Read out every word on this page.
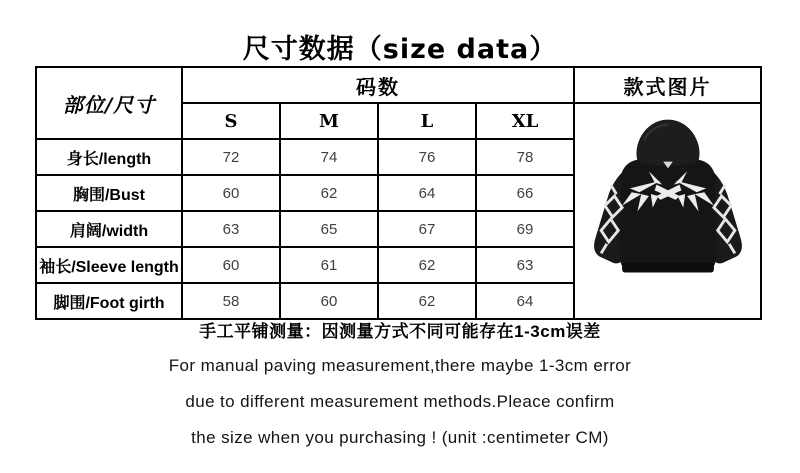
尺寸数据（size data）
部位/尺寸	码数				款式图片
	S	M	L	XL	

身长/length	72	74	76	78	
胸围/Bust	60	62	64	66	
肩阔/width	63	65	67	69	
袖长/Sleeve length	60	61	62	63	
脚围/Foot girth	58	60	62	64	
手工平铺测量：因测量方式不同可能存在1-3cm误差
For manual paving measurement,there maybe 1-3cm error
due to different measurement methods.Pleace confirm
the size when you purchasing ! (unit :centimeter CM)
